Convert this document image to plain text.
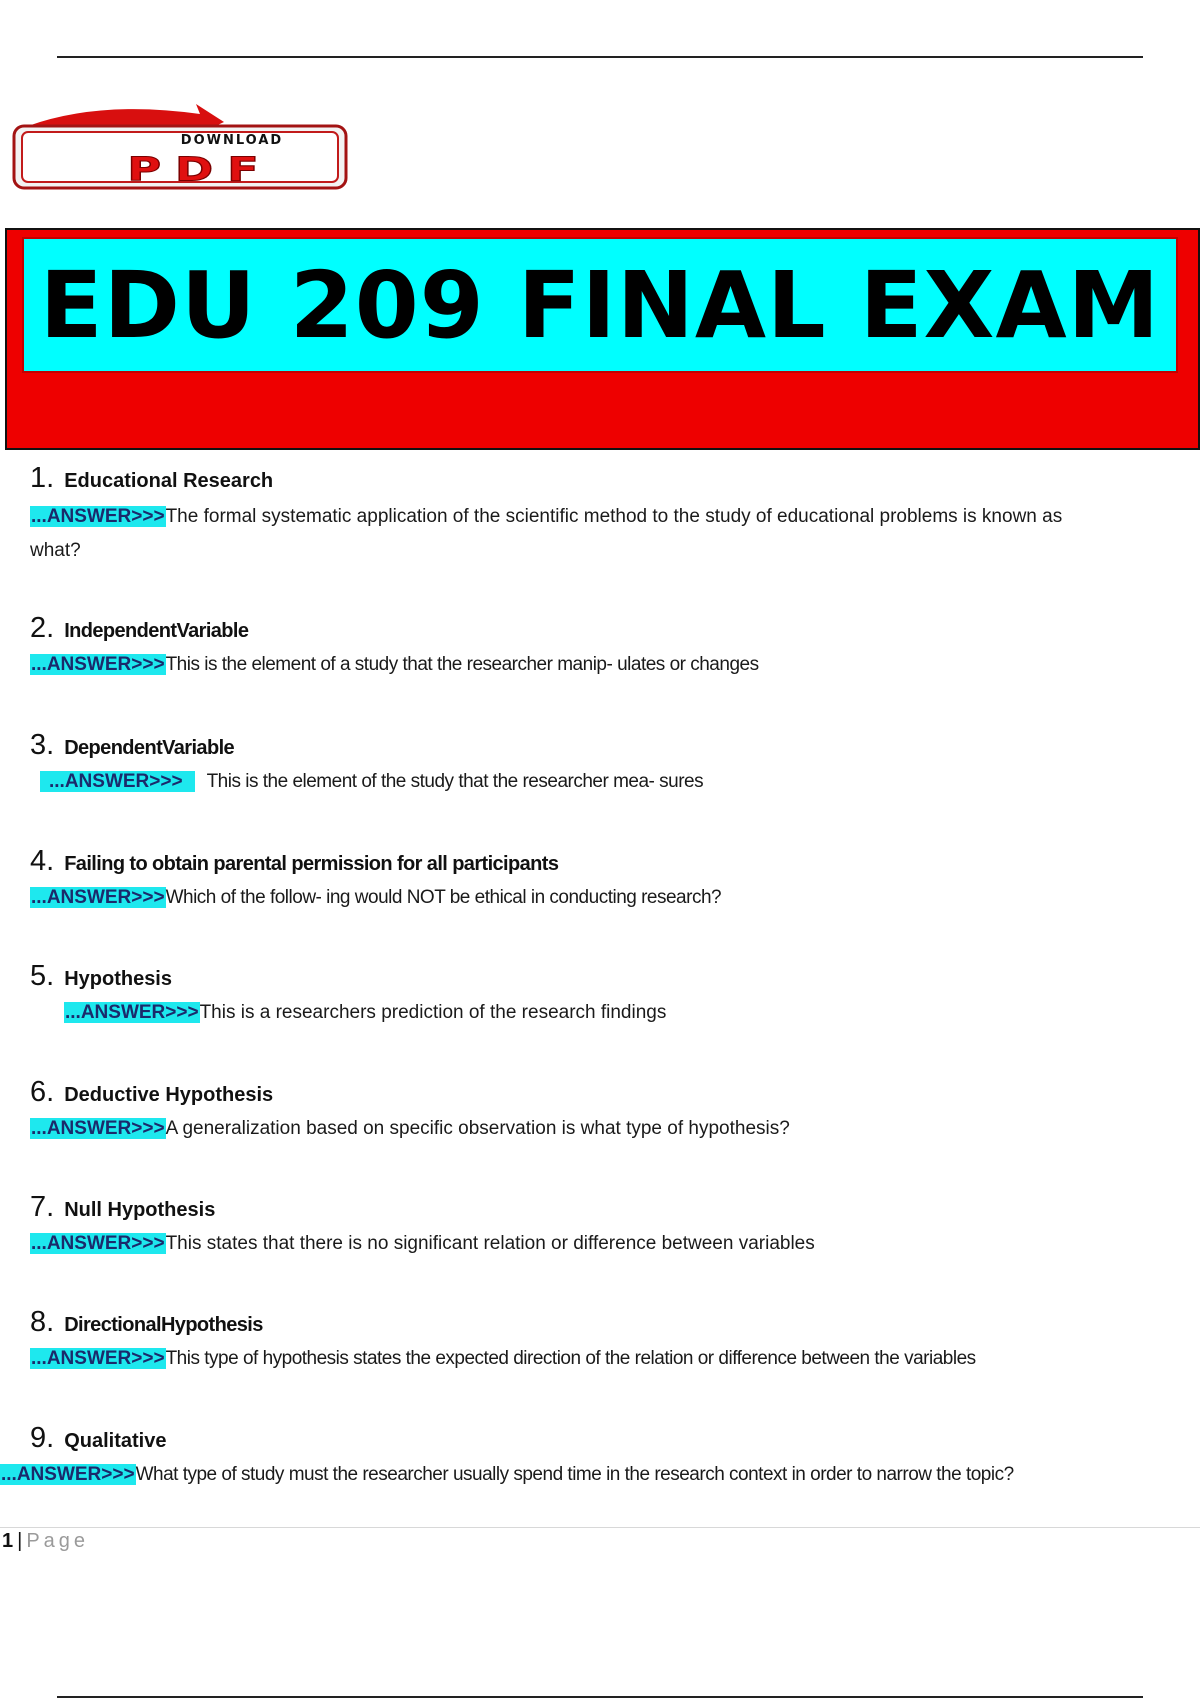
DOWNLOAD
PDF
EDU 209 FINAL EXAM
1. Educational Research
...ANSWER>>>The formal systematic application of the scientific method to the study of educational problems is known as what?
2. IndependentVariable
...ANSWER>>>This is the element of a study that the researcher manip- ulates or changes
3. DependentVariable
...ANSWER>>> This is the element of the study that the researcher mea- sures
4. Failing to obtain parental permission for all participants
...ANSWER>>>Which of the follow- ing would NOT be ethical in conducting research?
5. Hypothesis
...ANSWER>>>This is a researchers prediction of the research findings
6. Deductive Hypothesis
...ANSWER>>>A generalization based on specific observation is what type of hypothesis?
7. Null Hypothesis
...ANSWER>>>This states that there is no significant relation or difference between variables
8. DirectionalHypothesis
...ANSWER>>>This type of hypothesis states the expected direction of the relation or difference between the variables
9. Qualitative
...ANSWER>>>What type of study must the researcher usually spend time in the research context in order to narrow the topic?
1 | Page
